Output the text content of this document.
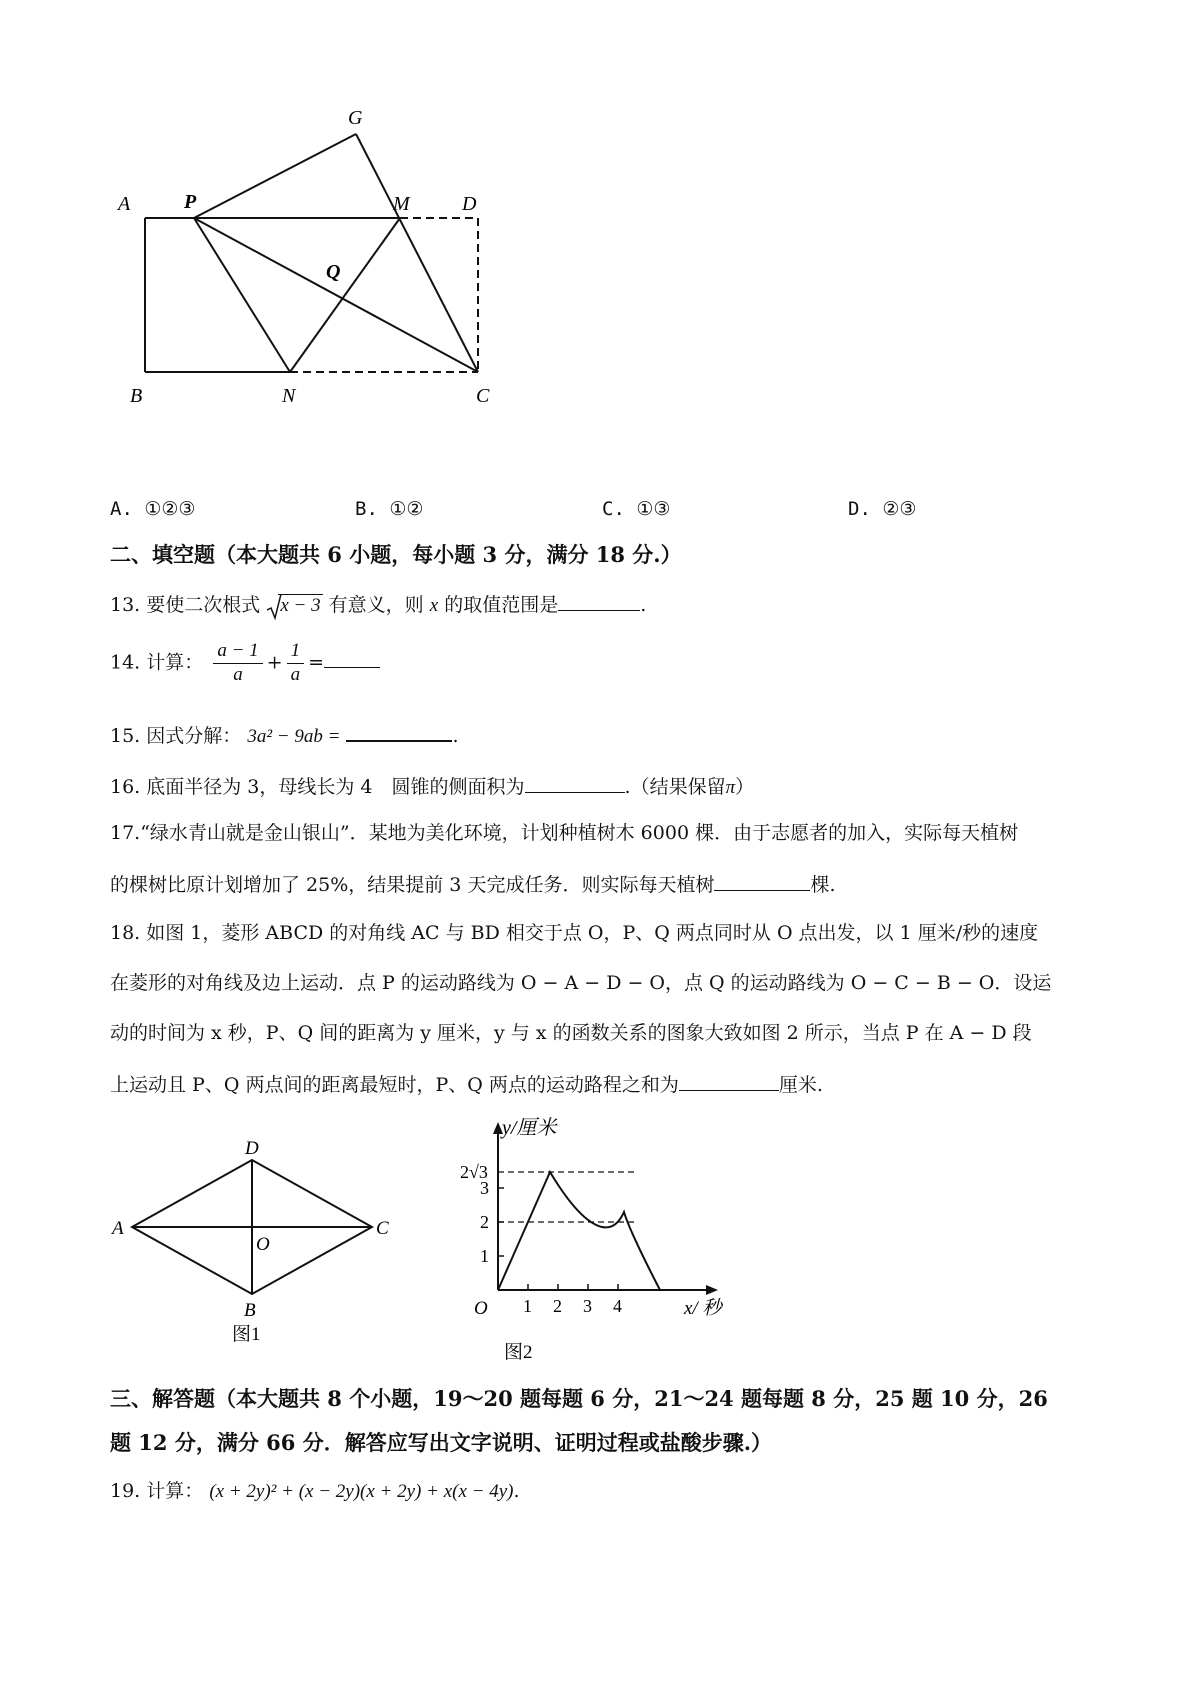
A	P
G
M	D
Q
B	N	C
A. ①②③	B. ①②	C. ①③	D. ②③
二、填空题（本大题共 6 小题，每小题 3 分，满分 18 分.）
13. 要使二次根式 x − 3 有意义，则 x 的取值范围是	.
14. 计算： $\frac{a - 1}{a} + \frac{1}{a}$ =
15. 因式分解： 3a² − 9ab =	.
16. 底面半径为 3，母线长为 4　圆锥的侧面积为	.（结果保留π）
17.“绿水青山就是金山银山”．某地为美化环境，计划种植树木 6000 棵．由于志愿者的加入，实际每天植树
的棵树比原计划增加了 25%，结果提前 3 天完成任务．则实际每天植树	棵.
18. 如图 1，菱形 ABCD 的对角线 AC 与 BD 相交于点 O，P、Q 两点同时从 O 点出发，以 1 厘米/秒的速度
在菱形的对角线及边上运动．点 P 的运动路线为 O − A − D − O，点 Q 的运动路线为 O − C − B − O．设运
动的时间为 x 秒，P、Q 间的距离为 y 厘米，y 与 x 的函数关系的图象大致如图 2 所示，当点 P 在 A − D 段
上运动且 P、Q 两点间的距离最短时，P、Q 两点的运动路程之和为	厘米.
D
A	C
O
B
图1
y/厘米
2√3
3
2
1
O 1 2 3 4	x/ 秒
图2
三、解答题（本大题共 8 个小题，19～20 题每题 6 分，21～24 题每题 8 分，25 题 10 分，26
题 12 分，满分 66 分．解答应写出文字说明、证明过程或盐酸步骤.）
19. 计算： (x + 2y)² + (x − 2y)(x + 2y) + x(x − 4y).
